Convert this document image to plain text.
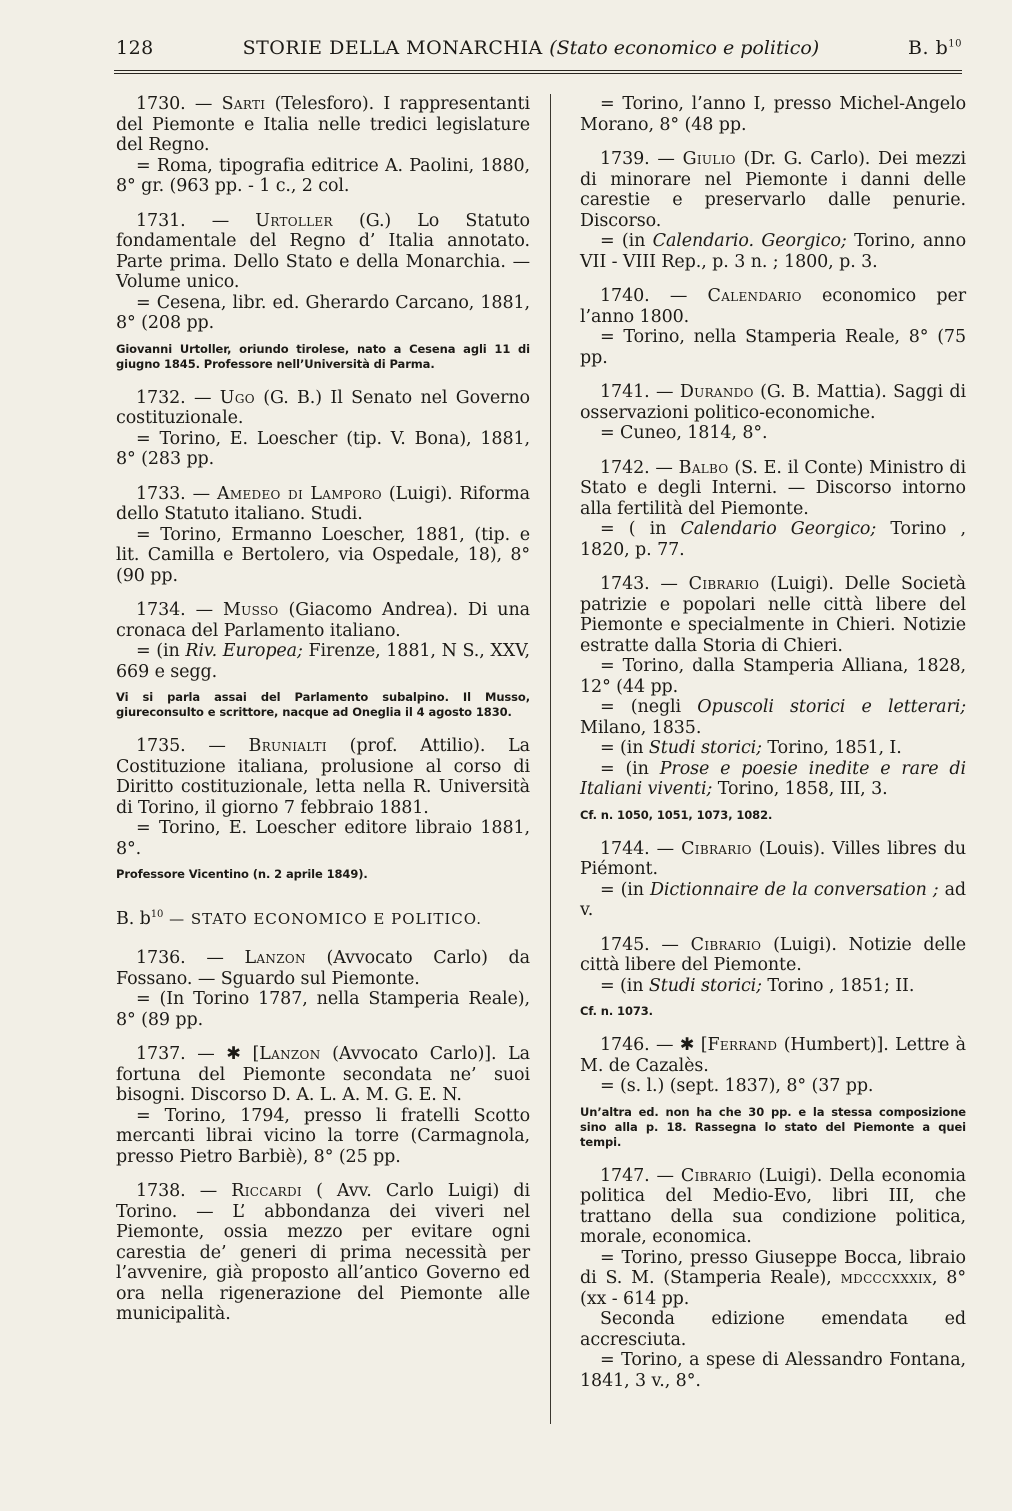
128	STORIE DELLA MONARCHIA (Stato economico e politico)	B. $b^{10}$

1730. — Sarti (Telesforo). I rappresentanti del Piemonte e Italia nelle tredici legislature del Regno.

= Roma, tipografia editrice A. Paolini, 1880, 8° gr. (963 pp. - 1 c., 2 col.

1731. — Urtoller (G.) Lo Statuto fondamentale del Regno d’ Italia annotato. Parte prima. Dello Stato e della Monarchia. — Volume unico.

= Cesena, libr. ed. Gherardo Carcano, 1881, 8° (208 pp.

Giovanni Urtoller, oriundo tirolese, nato a Cesena agli 11 di giugno 1845. Professore nell’Università di Parma.

1732. — Ugo (G. B.) Il Senato nel Governo costituzionale.

= Torino, E. Loescher (tip. V. Bona), 1881, 8° (283 pp.

1733. — Amedeo di Lamporo (Luigi). Riforma dello Statuto italiano. Studi.

= Torino, Ermanno Loescher, 1881, (tip. e lit. Camilla e Bertolero, via Ospedale, 18), 8° (90 pp.

1734. — Musso (Giacomo Andrea). Di una cronaca del Parlamento italiano.

= (in Riv. Europea; Firenze, 1881, N S., XXV, 669 e segg.

Vi si parla assai del Parlamento subalpino. Il Musso, giureconsulto e scrittore, nacque ad Oneglia il 4 agosto 1830.

1735. — Brunialti (prof. Attilio). La Costituzione italiana, prolusione al corso di Diritto costituzionale, letta nella R. Università di Torino, il giorno 7 febbraio 1881.

= Torino, E. Loescher editore libraio 1881, 8°.

Professore Vicentino (n. 2 aprile 1849).
B. $b^{10}$ — STATO ECONOMICO E POLITICO.

1736. — Lanzon (Avvocato Carlo) da Fossano. — Sguardo sul Piemonte.

= (In Torino 1787, nella Stamperia Reale), 8° (89 pp.

1737. — ✱ [Lanzon (Avvocato Carlo)]. La fortuna del Piemonte secondata ne’ suoi bisogni. Discorso D. A. L. A. M. G. E. N.

= Torino, 1794, presso li fratelli Scotto mercanti librai vicino la torre (Carmagnola, presso Pietro Barbiè), 8° (25 pp.

1738. — Riccardi ( Avv. Carlo Luigi) di Torino. — L’ abbondanza dei viveri nel Piemonte, ossia mezzo per evitare ogni carestia de’ generi di prima necessità per l’avvenire, già proposto all’antico Governo ed ora nella rigenerazione del Piemonte alle municipalità.

= Torino, l’anno I, presso Michel-Angelo Morano, 8° (48 pp.

1739. — Giulio (Dr. G. Carlo). Dei mezzi di minorare nel Piemonte i danni delle carestie e preservarlo dalle penurie. Discorso.

= (in Calendario. Georgico; Torino, anno VII - VIII Rep., p. 3 n. ; 1800, p. 3.

1740. — Calendario economico per l’anno 1800.

= Torino, nella Stamperia Reale, 8° (75 pp.

1741. — Durando (G. B. Mattia). Saggi di osservazioni politico-economiche.

= Cuneo, 1814, 8°.

1742. — Balbo (S. E. il Conte) Ministro di Stato e degli Interni. — Discorso intorno alla fertilità del Piemonte.

= ( in Calendario Georgico; Torino , 1820, p. 77.

1743. — Cibrario (Luigi). Delle Società patrizie e popolari nelle città libere del Piemonte e specialmente in Chieri. Notizie estratte dalla Storia di Chieri.

= Torino, dalla Stamperia Alliana, 1828, 12° (44 pp.

= (negli Opuscoli storici e letterari; Milano, 1835.

= (in Studi storici; Torino, 1851, I.

= (in Prose e poesie inedite e rare di Italiani viventi; Torino, 1858, III, 3.

Cf. n. 1050, 1051, 1073, 1082.

1744. — Cibrario (Louis). Villes libres du Piémont.

= (in Dictionnaire de la conversation ; ad v.

1745. — Cibrario (Luigi). Notizie delle città libere del Piemonte.

= (in Studi storici; Torino , 1851; II.

Cf. n. 1073.

1746. — ✱ [Ferrand (Humbert)]. Lettre à M. de Cazalès.

= (s. l.) (sept. 1837), 8° (37 pp.

Un’altra ed. non ha che 30 pp. e la stessa composizione sino alla p. 18. Rassegna lo stato del Piemonte a quei tempi.

1747. — Cibrario (Luigi). Della economia politica del Medio-Evo, libri III, che trattano della sua condizione politica, morale, economica.

= Torino, presso Giuseppe Bocca, libraio di S. M. (Stamperia Reale), mdcccxxxix, 8° (xx - 614 pp.

Seconda edizione emendata ed accresciuta.

= Torino, a spese di Alessandro Fontana, 1841, 3 v., 8°.
